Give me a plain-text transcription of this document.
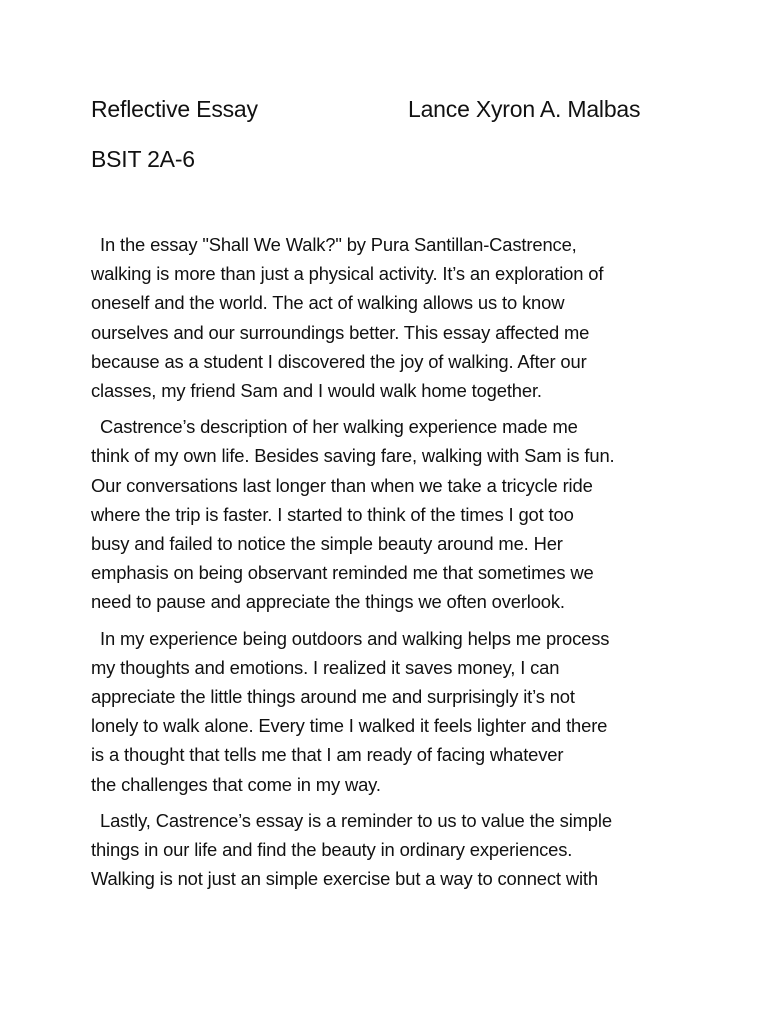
Reflective Essay	Lance Xyron A. Malbas
BSIT 2A-6
In the essay "Shall We Walk?" by Pura Santillan-Castrence,
walking is more than just a physical activity. It’s an exploration of
oneself and the world. The act of walking allows us to know
ourselves and our surroundings better. This essay affected me
because as a student I discovered the joy of walking. After our
classes, my friend Sam and I would walk home together.
Castrence’s description of her walking experience made me
think of my own life. Besides saving fare, walking with Sam is fun.
Our conversations last longer than when we take a tricycle ride
where the trip is faster. I started to think of the times I got too
busy and failed to notice the simple beauty around me. Her
emphasis on being observant reminded me that sometimes we
need to pause and appreciate the things we often overlook.
In my experience being outdoors and walking helps me process
my thoughts and emotions. I realized it saves money, I can
appreciate the little things around me and surprisingly it’s not
lonely to walk alone. Every time I walked it feels lighter and there
is a thought that tells me that I am ready of facing whatever
the challenges that come in my way.
Lastly, Castrence’s essay is a reminder to us to value the simple
things in our life and find the beauty in ordinary experiences.
Walking is not just an simple exercise but a way to connect with
